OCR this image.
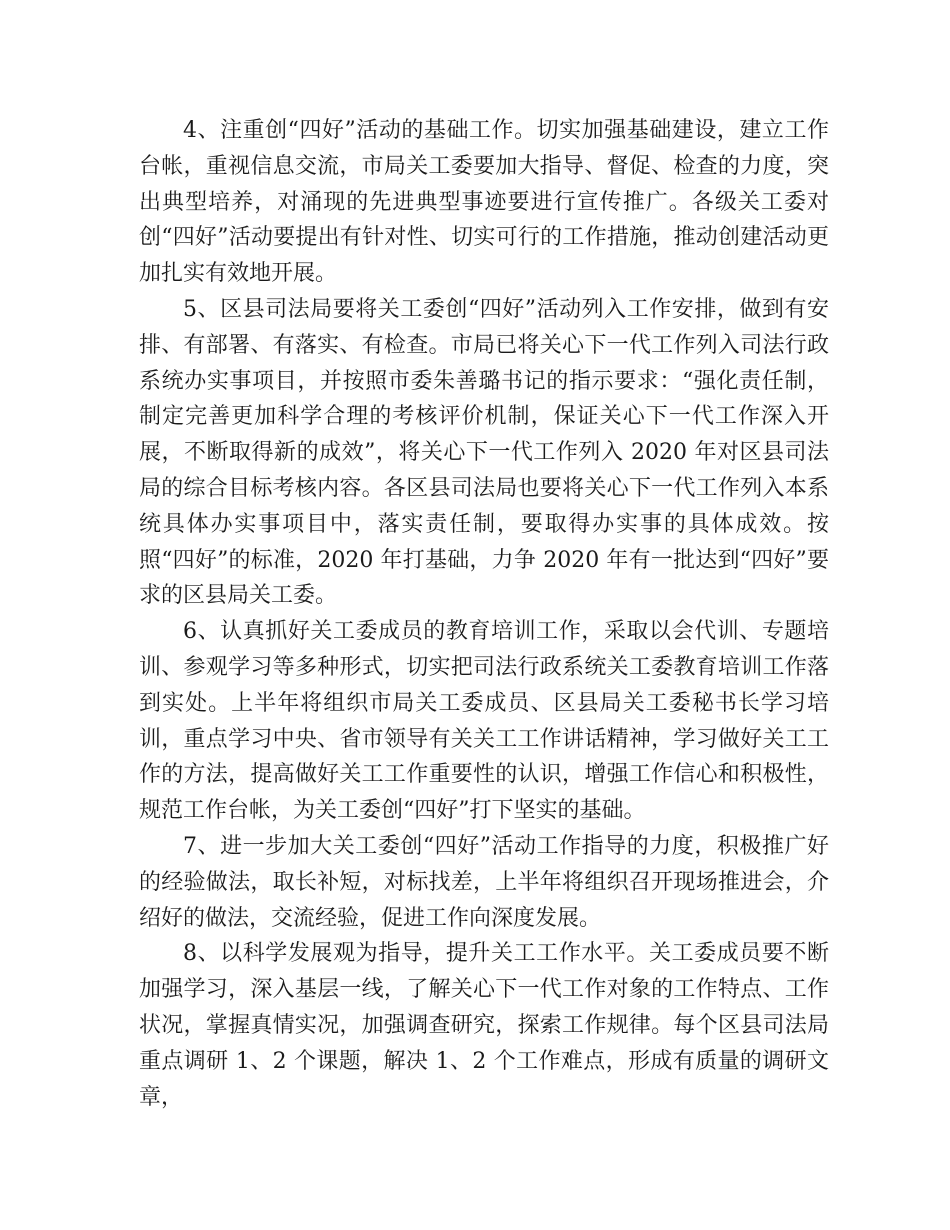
4、注重创“四好”活动的基础工作。切实加强基础建设，建立工作台帐，重视信息交流，市局关工委要加大指导、督促、检查的力度，突出典型培养，对涌现的先进典型事迹要进行宣传推广。各级关工委对创“四好”活动要提出有针对性、切实可行的工作措施，推动创建活动更加扎实有效地开展。

5、区县司法局要将关工委创“四好”活动列入工作安排，做到有安排、有部署、有落实、有检查。市局已将关心下一代工作列入司法行政系统办实事项目，并按照市委朱善璐书记的指示要求：“强化责任制，制定完善更加科学合理的考核评价机制，保证关心下一代工作深入开展，不断取得新的成效”，将关心下一代工作列入 2020 年对区县司法局的综合目标考核内容。各区县司法局也要将关心下一代工作列入本系统具体办实事项目中，落实责任制，要取得办实事的具体成效。按照“四好”的标准，2020 年打基础，力争 2020 年有一批达到“四好”要求的区县局关工委。

6、认真抓好关工委成员的教育培训工作，采取以会代训、专题培训、参观学习等多种形式，切实把司法行政系统关工委教育培训工作落到实处。上半年将组织市局关工委成员、区县局关工委秘书长学习培训，重点学习中央、省市领导有关关工工作讲话精神，学习做好关工工作的方法，提高做好关工工作重要性的认识，增强工作信心和积极性，规范工作台帐，为关工委创“四好”打下坚实的基础。

7、进一步加大关工委创“四好”活动工作指导的力度，积极推广好的经验做法，取长补短，对标找差，上半年将组织召开现场推进会，介绍好的做法，交流经验，促进工作向深度发展。

8、以科学发展观为指导，提升关工工作水平。关工委成员要不断加强学习，深入基层一线，了解关心下一代工作对象的工作特点、工作状况，掌握真情实况，加强调查研究，探索工作规律。每个区县司法局重点调研 1、2 个课题，解决 1、2 个工作难点，形成有质量的调研文章，
